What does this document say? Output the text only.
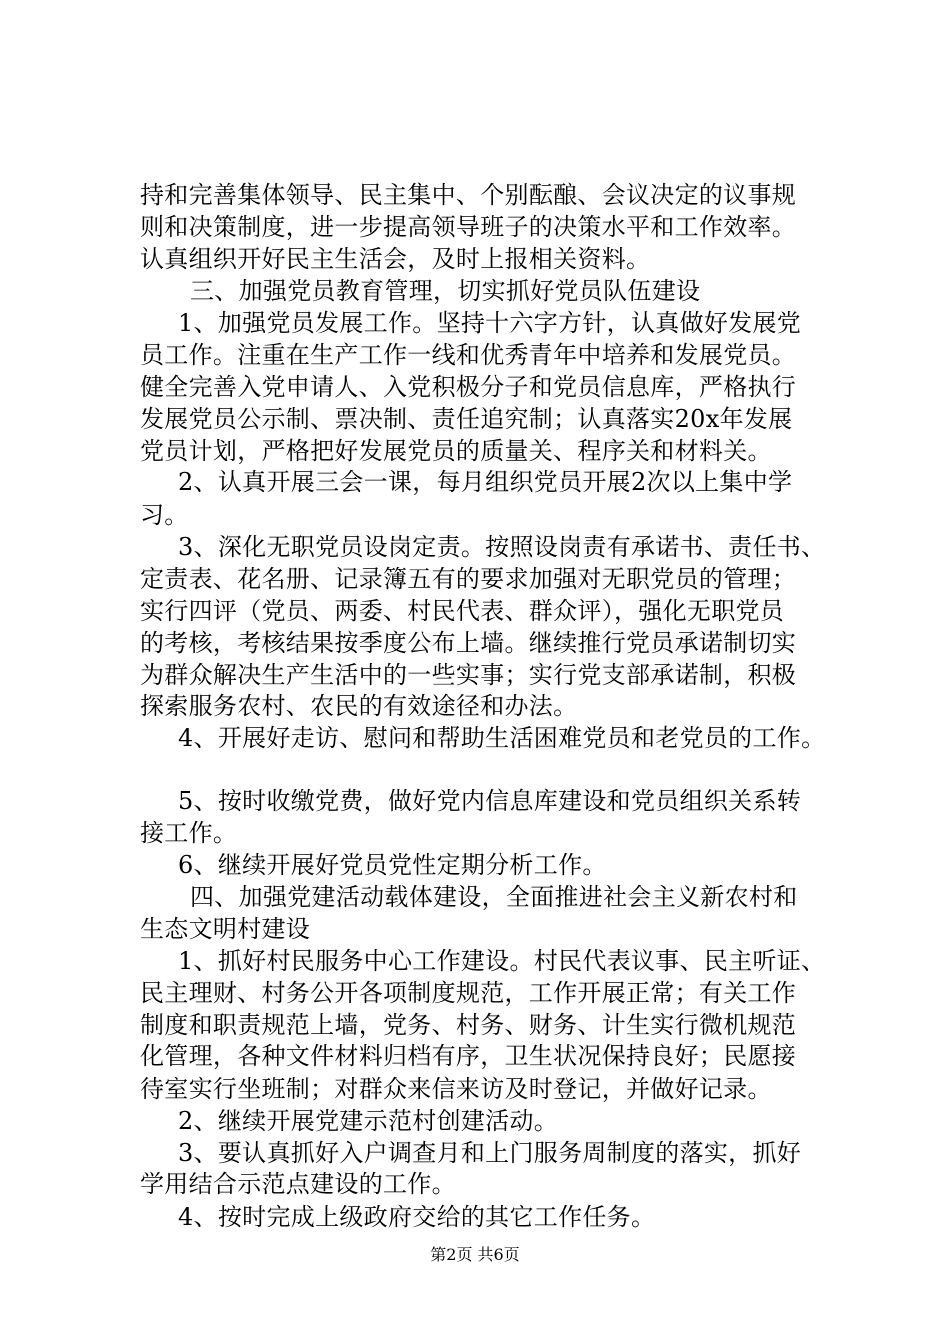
持和完善集体领导、民主集中、个别酝酿、会议决定的议事规
则和决策制度，进一步提高领导班子的决策水平和工作效率。
认真组织开好民主生活会，及时上报相关资料。
三、加强党员教育管理，切实抓好党员队伍建设
1、加强党员发展工作。坚持十六字方针，认真做好发展党
员工作。注重在生产工作一线和优秀青年中培养和发展党员。
健全完善入党申请人、入党积极分子和党员信息库，严格执行
发展党员公示制、票决制、责任追究制；认真落实20x年发展
党员计划，严格把好发展党员的质量关、程序关和材料关。
2、认真开展三会一课，每月组织党员开展2次以上集中学
习。
3、深化无职党员设岗定责。按照设岗责有承诺书、责任书、
定责表、花名册、记录簿五有的要求加强对无职党员的管理；
实行四评（党员、两委、村民代表、群众评），强化无职党员
的考核，考核结果按季度公布上墙。继续推行党员承诺制切实
为群众解决生产生活中的一些实事；实行党支部承诺制，积极
探索服务农村、农民的有效途径和办法。
4、开展好走访、慰问和帮助生活困难党员和老党员的工作。
5、按时收缴党费，做好党内信息库建设和党员组织关系转
接工作。
6、继续开展好党员党性定期分析工作。
四、加强党建活动载体建设，全面推进社会主义新农村和
生态文明村建设
1、抓好村民服务中心工作建设。村民代表议事、民主听证、
民主理财、村务公开各项制度规范，工作开展正常；有关工作
制度和职责规范上墙，党务、村务、财务、计生实行微机规范
化管理，各种文件材料归档有序，卫生状况保持良好；民愿接
待室实行坐班制；对群众来信来访及时登记，并做好记录。
2、继续开展党建示范村创建活动。
3、要认真抓好入户调查月和上门服务周制度的落实，抓好
学用结合示范点建设的工作。
4、按时完成上级政府交给的其它工作任务。
第2页 共6页
